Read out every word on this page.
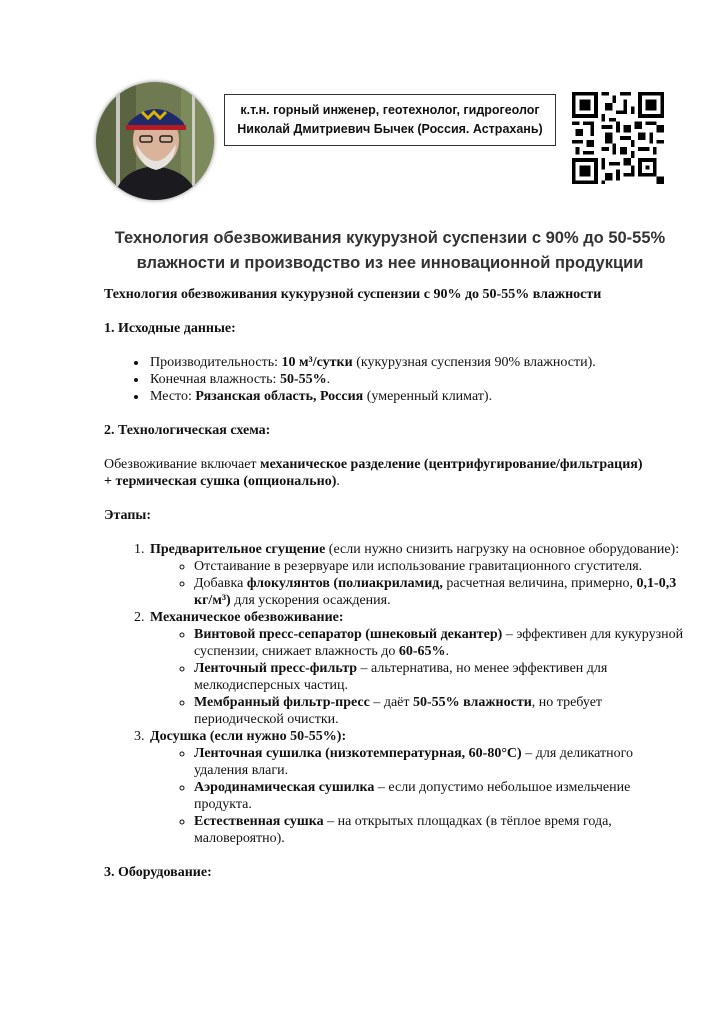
к.т.н. горный инженер, геотехнолог, гидрогеолог
Николай Дмитриевич Бычек (Россия. Астрахань)
Технология обезвоживания кукурузной суспензии с 90% до 50-55%
влажности и производство из нее инновационной продукции

Технология обезвоживания кукурузной суспензии с 90% до 50-55% влажности

1. Исходные данные:

• Производительность: 10 м³/сутки (кукурузная суспензия 90% влажности).
• Конечная влажность: 50-55%.
• Место: Рязанская область, Россия (умеренный климат).

2. Технологическая схема:

Обезвоживание включает механическое разделение (центрифугирование/фильтрация)
+ термическая сушка (опционально).

Этапы:

1. Предварительное сгущение (если нужно снизить нагрузку на основное оборудование):
◦ Отстаивание в резервуаре или использование гравитационного сгустителя.
◦ Добавка флокулянтов (полиакриламид, расчетная величина, примерно, 0,1-0,3 кг/м³) для ускорения осаждения.
2. Механическое обезвоживание:
◦ Винтовой пресс-сепаратор (шнековый декантер) – эффективен для кукурузной суспензии, снижает влажность до 60-65%.
◦ Ленточный пресс-фильтр – альтернатива, но менее эффективен для мелкодисперсных частиц.
◦ Мембранный фильтр-пресс – даёт 50-55% влажности, но требует периодической очистки.
3. Досушка (если нужно 50-55%):
◦ Ленточная сушилка (низкотемпературная, 60-80°C) – для деликатного удаления влаги.
◦ Аэродинамическая сушилка – если допустимо небольшое измельчение продукта.
◦ Естественная сушка – на открытых площадках (в тёплое время года, маловероятно).

3. Оборудование:
